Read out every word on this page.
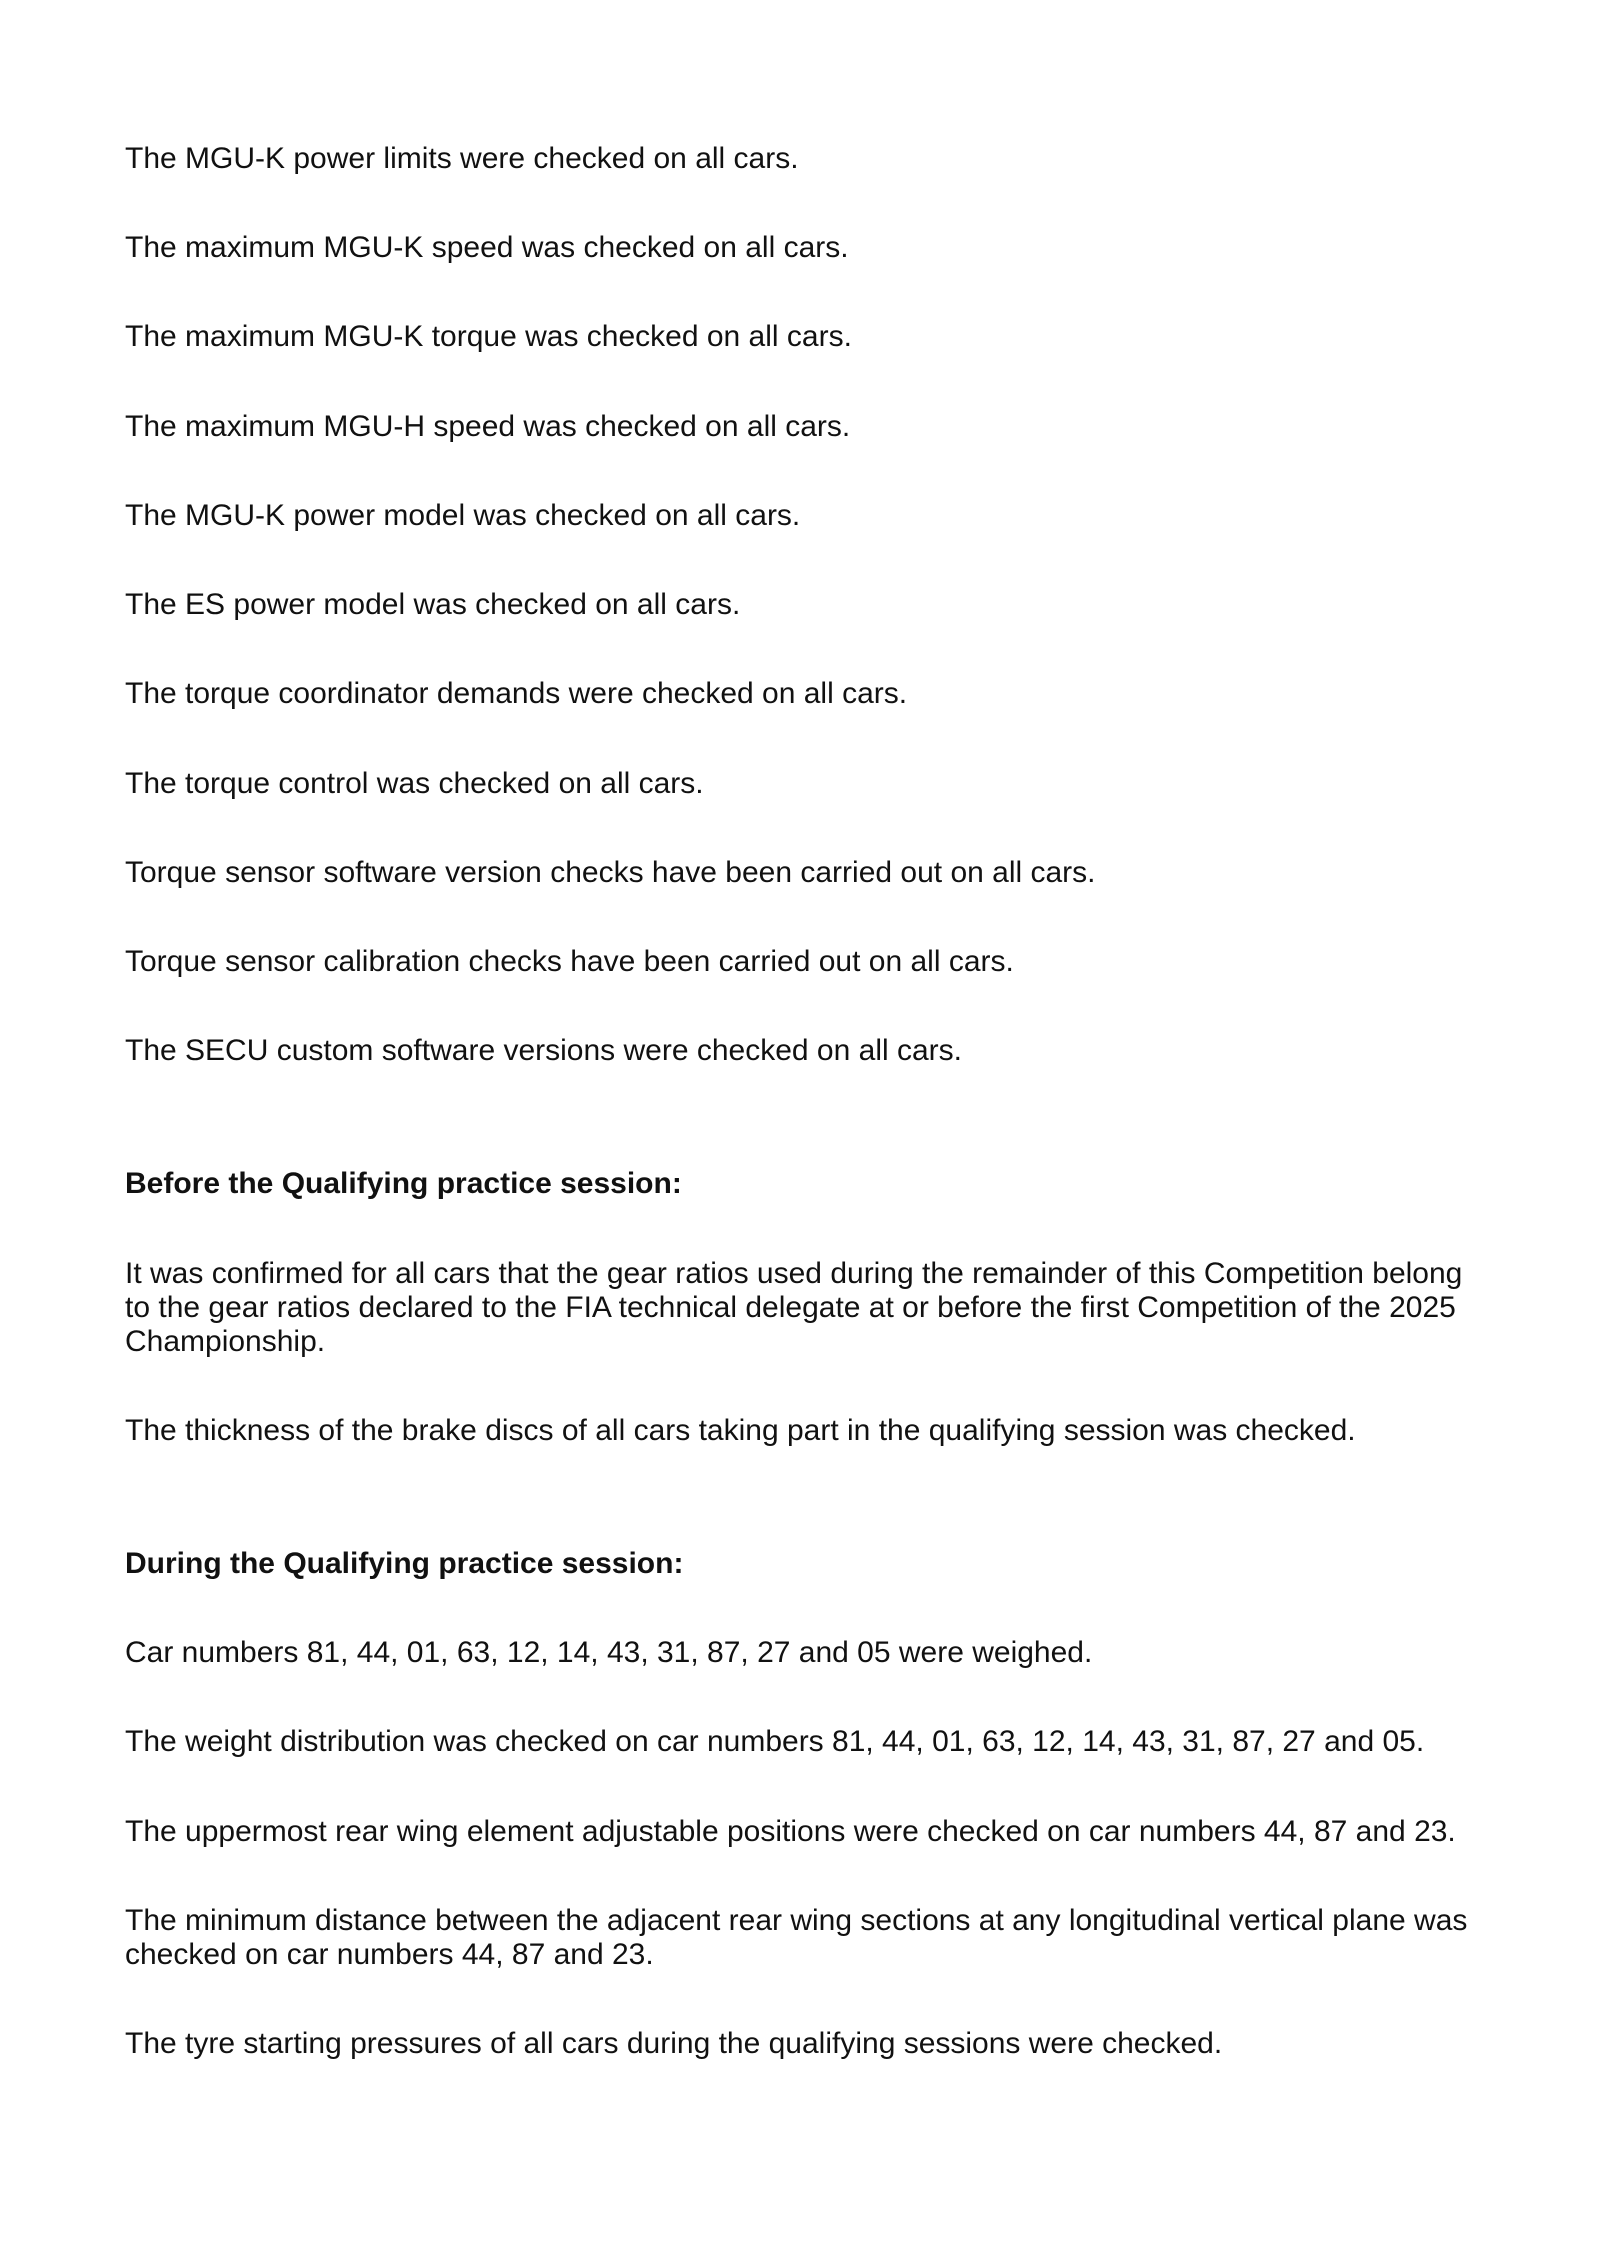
The MGU-K power limits were checked on all cars.

The maximum MGU-K speed was checked on all cars.

The maximum MGU-K torque was checked on all cars.

The maximum MGU-H speed was checked on all cars.

The MGU-K power model was checked on all cars.

The ES power model was checked on all cars.

The torque coordinator demands were checked on all cars.

The torque control was checked on all cars.

Torque sensor software version checks have been carried out on all cars.

Torque sensor calibration checks have been carried out on all cars.

The SECU custom software versions were checked on all cars.

Before the Qualifying practice session:

It was confirmed for all cars that the gear ratios used during the remainder of this Competition belong to the gear ratios declared to the FIA technical delegate at or before the first Competition of the 2025 Championship.

The thickness of the brake discs of all cars taking part in the qualifying session was checked.

During the Qualifying practice session:

Car numbers 81, 44, 01, 63, 12, 14, 43, 31, 87, 27 and 05 were weighed.

The weight distribution was checked on car numbers 81, 44, 01, 63, 12, 14, 43, 31, 87, 27 and 05.

The uppermost rear wing element adjustable positions were checked on car numbers 44, 87 and 23.

The minimum distance between the adjacent rear wing sections at any longitudinal vertical plane was checked on car numbers 44, 87 and 23.

The tyre starting pressures of all cars during the qualifying sessions were checked.
